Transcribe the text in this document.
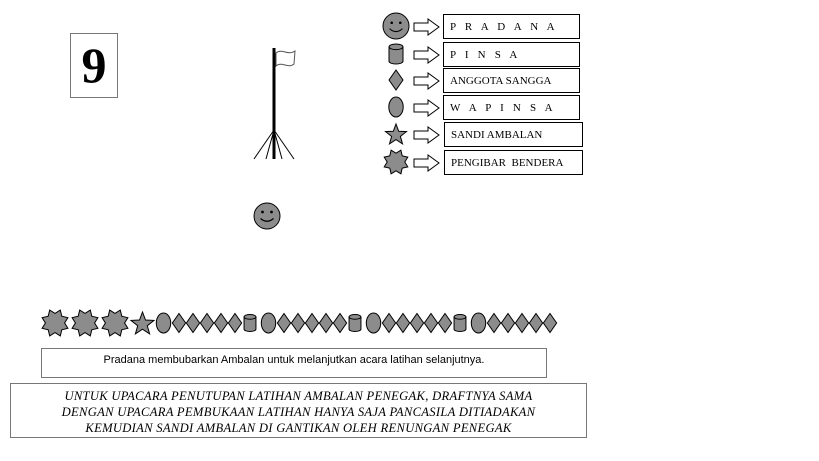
9
P R A D A N A
P I N S A
ANGGOTA SANGGA
W A P I N S A
SANDI AMBALAN
PENGIBAR  BENDERA
Pradana membubarkan Ambalan untuk melanjutkan acara latihan selanjutnya.
UNTUK UPACARA PENUTUPAN LATIHAN AMBALAN PENEGAK, DRAFTNYA SAMA
DENGAN UPACARA PEMBUKAAN LATIHAN HANYA SAJA PANCASILA DITIADAKAN
KEMUDIAN SANDI AMBALAN DI GANTIKAN OLEH RENUNGAN PENEGAK
